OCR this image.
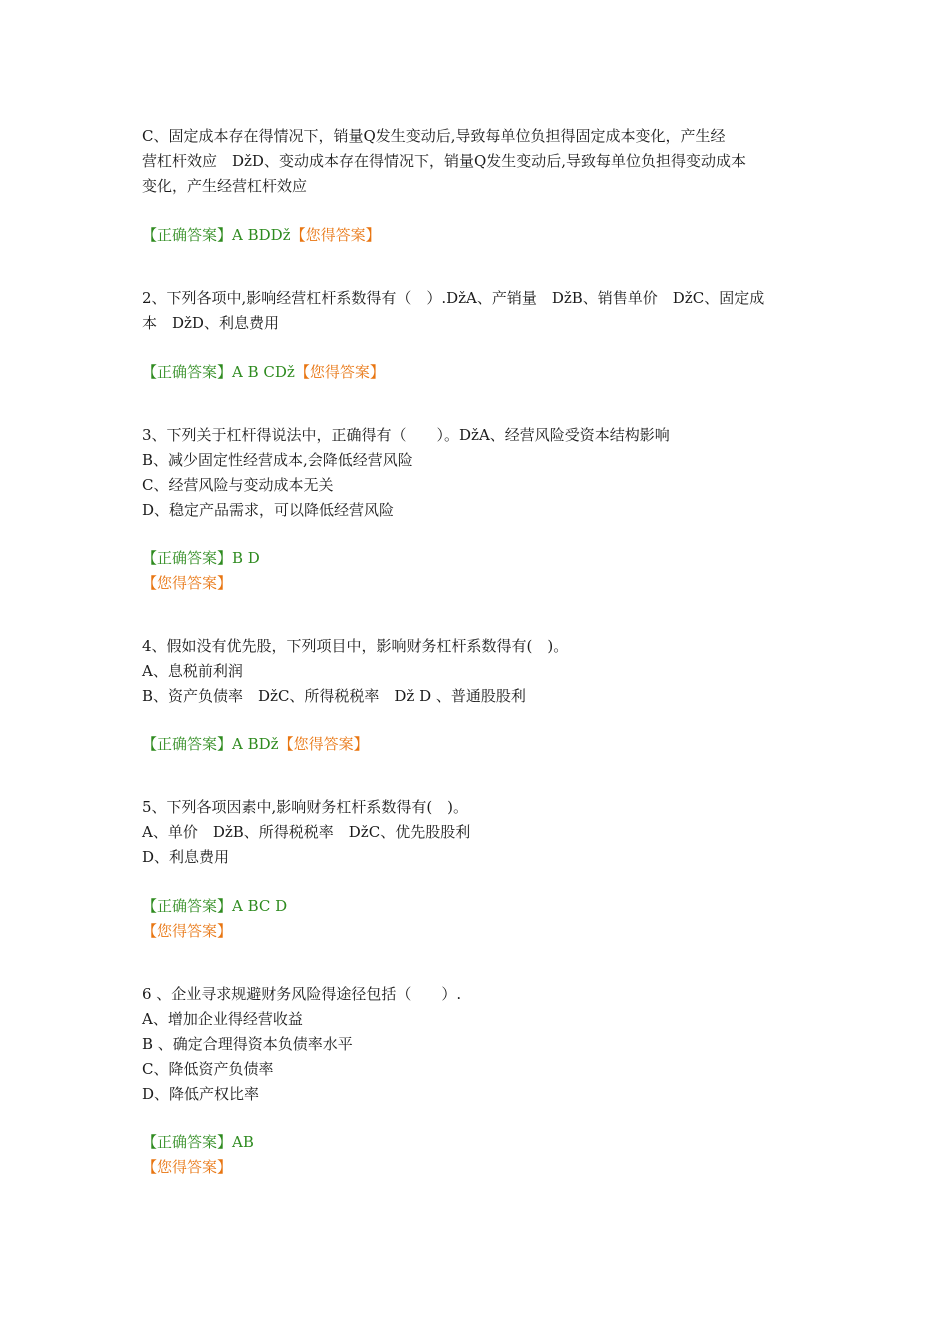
C、固定成本存在得情况下，销量Q发生变动后,导致每单位负担得固定成本变化，产生经
营杠杆效应　ǅD、变动成本存在得情况下，销量Q发生变动后,导致每单位负担得变动成本
变化，产生经营杠杆效应
【正确答案】A BDǅ【您得答案】
2、下列各项中,影响经营杠杆系数得有（　）.ǅA、产销量　ǅB、销售单价　ǅC、固定成
本　ǅD、利息费用
【正确答案】A B Cǅ【您得答案】
3、下列关于杠杆得说法中，正确得有（　　）。ǅA、经营风险受资本结构影响
B、减少固定性经营成本,会降低经营风险
C、经营风险与变动成本无关
D、稳定产品需求，可以降低经营风险
【正确答案】B D
【您得答案】
4、假如没有优先股，下列项目中，影响财务杠杆系数得有(　)。
A、息税前利润
B、资产负债率　ǅC、所得税税率　ǅ D 、普通股股利
【正确答案】A Bǅ【您得答案】
5、下列各项因素中,影响财务杠杆系数得有(　)。
A、单价　ǅB、所得税税率　ǅC、优先股股利
D、利息费用
【正确答案】A BC D
【您得答案】
6 、企业寻求规避财务风险得途径包括（　　）.
A、增加企业得经营收益
B 、确定合理得资本负债率水平
C、降低资产负债率
D、降低产权比率
【正确答案】AB
【您得答案】
